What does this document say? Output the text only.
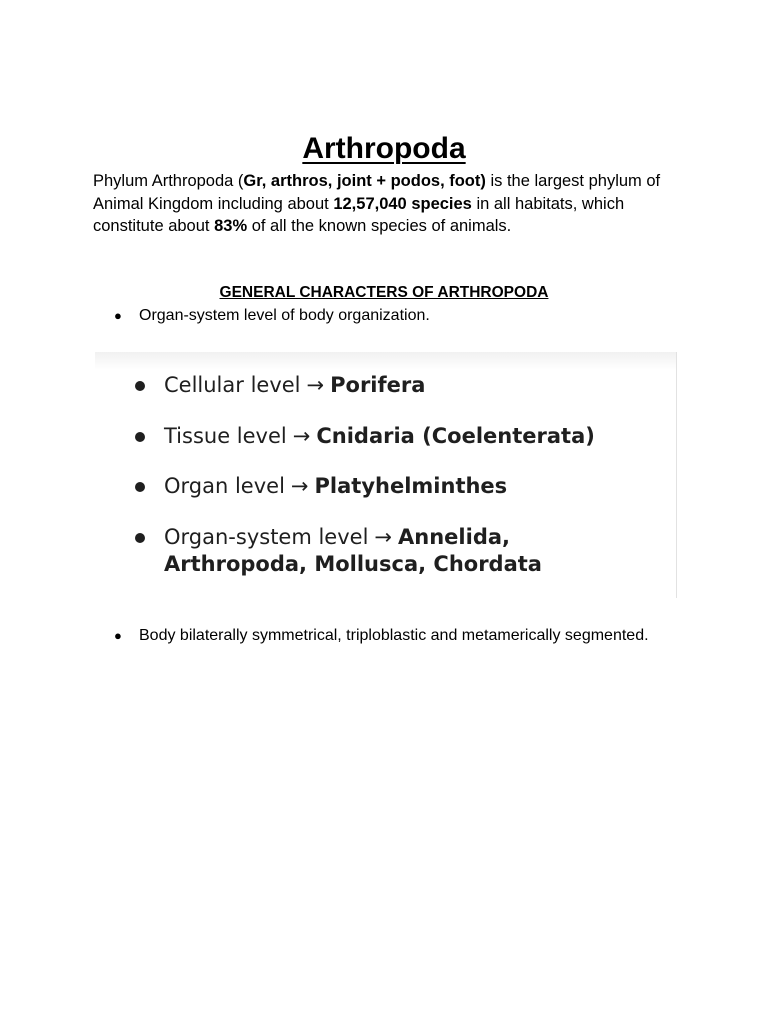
Arthropoda

Phylum Arthropoda (Gr, arthros, joint + podos, foot) is the largest phylum of Animal Kingdom including about 12,57,040 species in all habitats, which constitute about 83% of all the known species of animals.

GENERAL CHARACTERS OF ARTHROPODA
● Organ-system level of body organization.
Cellular level → Porifera
Tissue level → Cnidaria (Coelenterata)
Organ level → Platyhelminthes
Organ-system level → Annelida, Arthropoda, Mollusca, Chordata
● Body bilaterally symmetrical, triploblastic and metamerically segmented.
